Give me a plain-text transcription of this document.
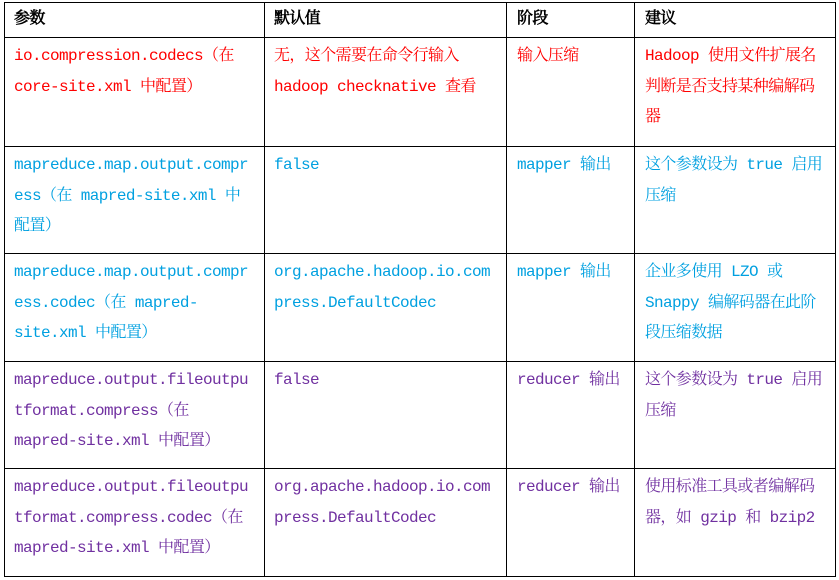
参数	默认值	阶段	建议
io.compression.codecs（在 core-site.xml 中配置）	无，这个需要在命令行输入 hadoop checknative 查看	输入压缩	Hadoop 使用文件扩展名判断是否支持某种编解码器
mapreduce.map.output.compress（在 mapred-site.xml 中配置）	false	mapper 输出	这个参数设为 true 启用压缩
mapreduce.map.output.compress.codec（在 mapred-site.xml 中配置）	org.apache.hadoop.io.compress.DefaultCodec	mapper 输出	企业多使用 LZO 或 Snappy 编解码器在此阶段压缩数据
mapreduce.output.fileoutputformat.compress（在 mapred-site.xml 中配置）	false	reducer 输出	这个参数设为 true 启用压缩
mapreduce.output.fileoutputformat.compress.codec（在 mapred-site.xml 中配置）	org.apache.hadoop.io.compress.DefaultCodec	reducer 输出	使用标准工具或者编解码器，如 gzip 和 bzip2
